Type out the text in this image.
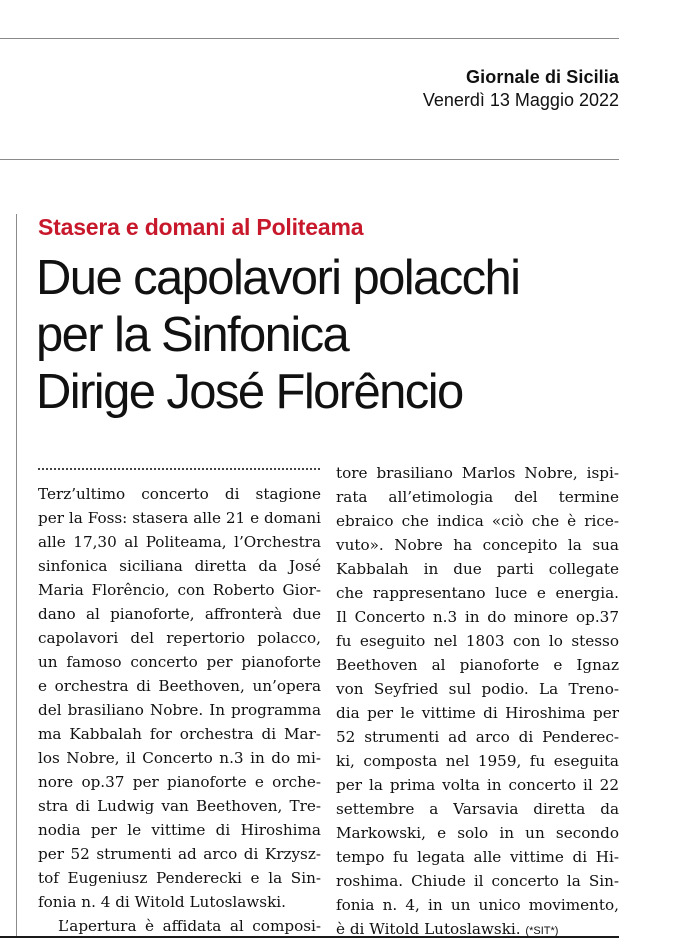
Giornale di Sicilia
Venerdì 13 Maggio 2022
Stasera e domani al Politeama
Due capolavori polacchi
per la Sinfonica
Dirige José Florêncio
Terz’ultimo concerto di stagione
per la Foss: stasera alle 21 e domani
alle 17,30 al Politeama, l’Orchestra
sinfonica siciliana diretta da José
Maria Florêncio, con Roberto Gior-
dano al pianoforte, affronterà due
capolavori del repertorio polacco,
un famoso concerto per pianoforte
e orchestra di Beethoven, un’opera
del brasiliano Nobre. In programma
ma Kabbalah for orchestra di Mar-
los Nobre, il Concerto n.3 in do mi-
nore op.37 per pianoforte e orche-
stra di Ludwig van Beethoven, Tre-
nodia per le vittime di Hiroshima
per 52 strumenti ad arco di Krzysz-
tof Eugeniusz Penderecki e la Sin-
fonia n. 4 di Witold Lutoslawski.
L’apertura è affidata al composi-
tore brasiliano Marlos Nobre, ispi-
rata all’etimologia del termine
ebraico che indica «ciò che è rice-
vuto». Nobre ha concepito la sua
Kabbalah in due parti collegate
che rappresentano luce e energia.
Il Concerto n.3 in do minore op.37
fu eseguito nel 1803 con lo stesso
Beethoven al pianoforte e Ignaz
von Seyfried sul podio. La Treno-
dia per le vittime di Hiroshima per
52 strumenti ad arco di Penderec-
ki, composta nel 1959, fu eseguita
per la prima volta in concerto il 22
settembre a Varsavia diretta da
Markowski, e solo in un secondo
tempo fu legata alle vittime di Hi-
roshima. Chiude il concerto la Sin-
fonia n. 4, in un unico movimento,
è di Witold Lutoslawski. (*SIT*)
